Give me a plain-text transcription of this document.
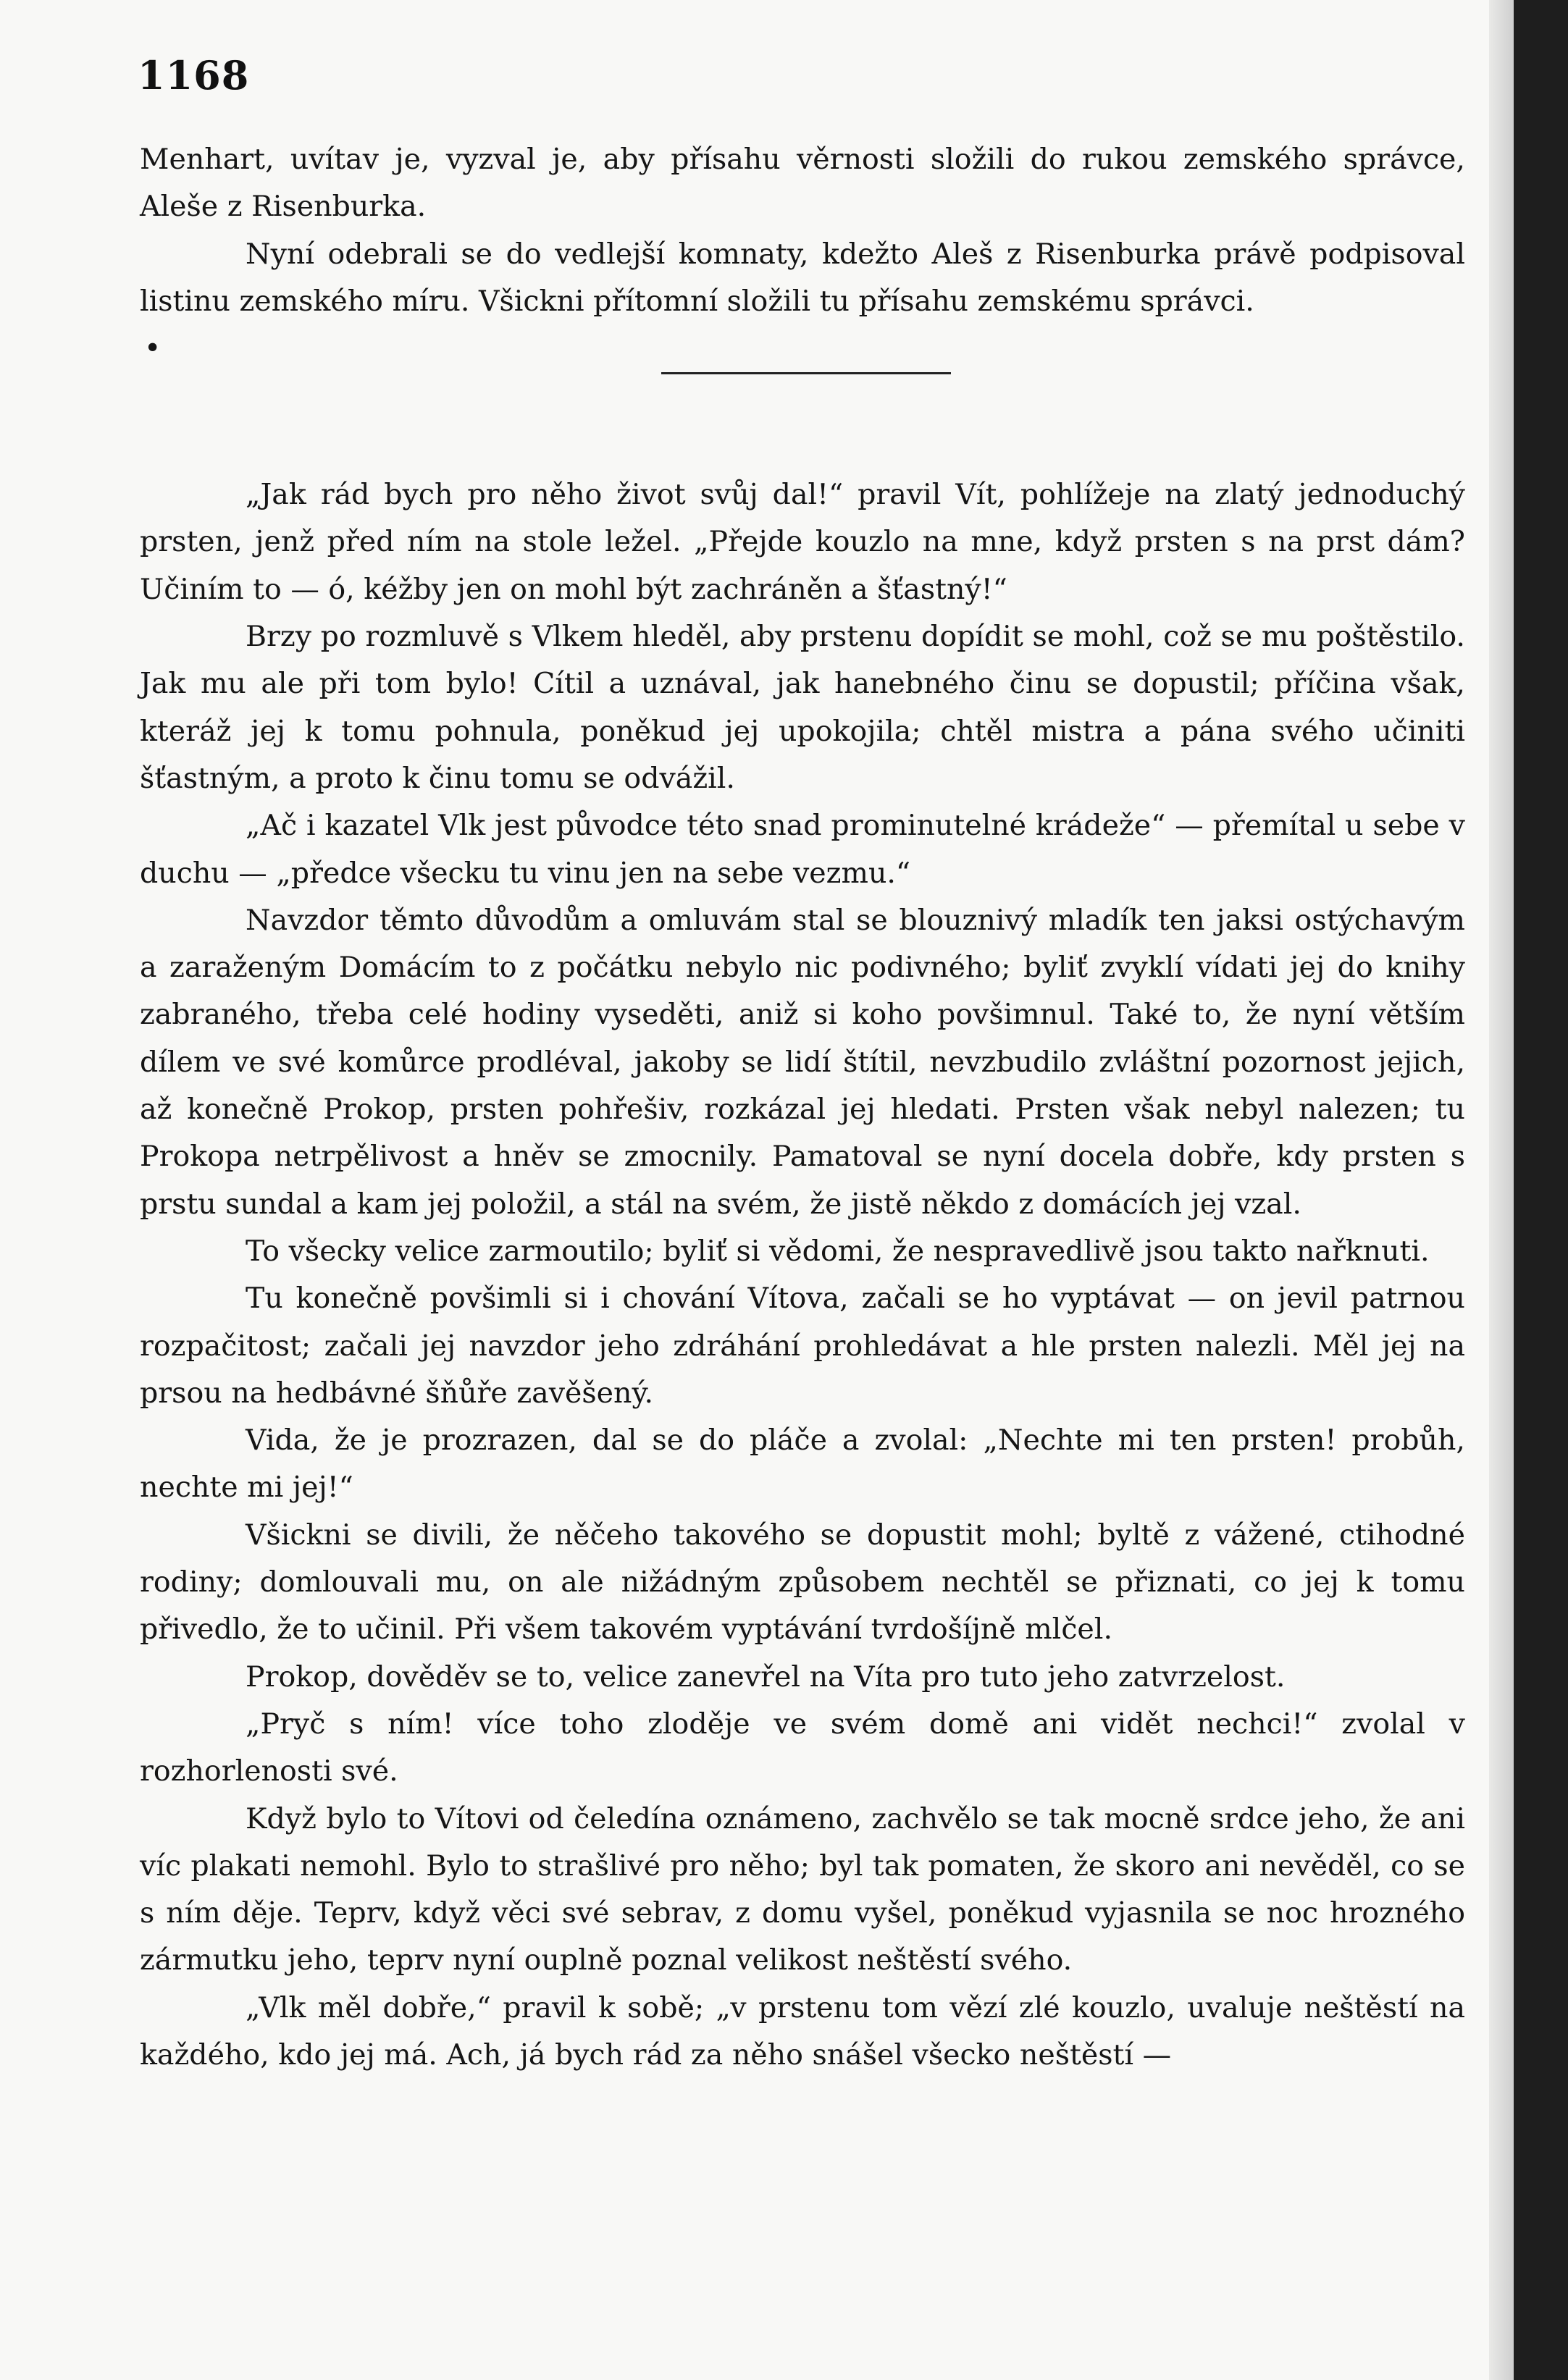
1168

Menhart, uvítav je, vyzval je, aby přísahu věrnosti složili do rukou zemského správce, Aleše z Risenburka.

Nyní odebrali se do vedlejší komnaty, kdežto Aleš z Risenburka právě podpisoval listinu zemského míru. Všickni přítomní složili tu přísahu zemskému správci.

•

„Jak rád bych pro něho život svůj dal!“ pravil Vít, pohlížeje na zlatý jednoduchý prsten, jenž před ním na stole ležel. „Přejde kouzlo na mne, když prsten s na prst dám? Učiním to — ó, kéžby jen on mohl být zachráněn a šťastný!“

Brzy po rozmluvě s Vlkem hleděl, aby prstenu dopídit se mohl, což se mu poštěstilo. Jak mu ale při tom bylo! Cítil a uznával, jak hanebného činu se dopustil; příčina však, kteráž jej k tomu pohnula, poněkud jej upokojila; chtěl mistra a pána svého učiniti šťastným, a proto k činu tomu se odvážil.

„Ač i kazatel Vlk jest původce této snad prominutelné krádeže“ — přemítal u sebe v duchu — „předce všecku tu vinu jen na sebe vezmu.“

Navzdor těmto důvodům a omluvám stal se blouznivý mladík ten jaksi ostýchavým a zaraženým Domácím to z počátku nebylo nic podivného; byliť zvyklí vídati jej do knihy zabraného, třeba celé hodiny vyseděti, aniž si koho povšimnul. Také to, že nyní větším dílem ve své komůrce prodléval, jakoby se lidí štítil, nevzbudilo zvláštní pozornost jejich, až konečně Prokop, prsten pohřešiv, rozkázal jej hledati. Prsten však nebyl nalezen; tu Prokopa netrpělivost a hněv se zmocnily. Pamatoval se nyní docela dobře, kdy prsten s prstu sundal a kam jej položil, a stál na svém, že jistě někdo z domácích jej vzal.

To všecky velice zarmoutilo; byliť si vědomi, že nespravedlivě jsou takto nařknuti.

Tu konečně povšimli si i chování Vítova, začali se ho vyptávat — on jevil patrnou rozpačitost; začali jej navzdor jeho zdráhání prohledávat a hle prsten nalezli. Měl jej na prsou na hedbávné šňůře zavěšený.

Vida, že je prozrazen, dal se do pláče a zvolal: „Nechte mi ten prsten! probůh, nechte mi jej!“

Všickni se divili, že něčeho takového se dopustit mohl; byltě z vážené, ctihodné rodiny; domlouvali mu, on ale nižádným způsobem nechtěl se přiznati, co jej k tomu přivedlo, že to učinil. Při všem takovém vyptávání tvrdošíjně mlčel.

Prokop, dověděv se to, velice zanevřel na Víta pro tuto jeho zatvrzelost.

„Pryč s ním! více toho zloděje ve svém domě ani vidět nechci!“ zvolal v rozhorlenosti své.

Když bylo to Vítovi od čeledína oznámeno, zachvělo se tak mocně srdce jeho, že ani víc plakati nemohl. Bylo to strašlivé pro něho; byl tak pomaten, že skoro ani nevěděl, co se s ním děje. Teprv, když věci své sebrav, z domu vyšel, poněkud vyjasnila se noc hrozného zármutku jeho, teprv nyní ouplně poznal velikost neštěstí svého.

„Vlk měl dobře,“ pravil k sobě; „v prstenu tom vězí zlé kouzlo, uvaluje neštěstí na každého, kdo jej má. Ach, já bych rád za něho snášel všecko neštěstí —
